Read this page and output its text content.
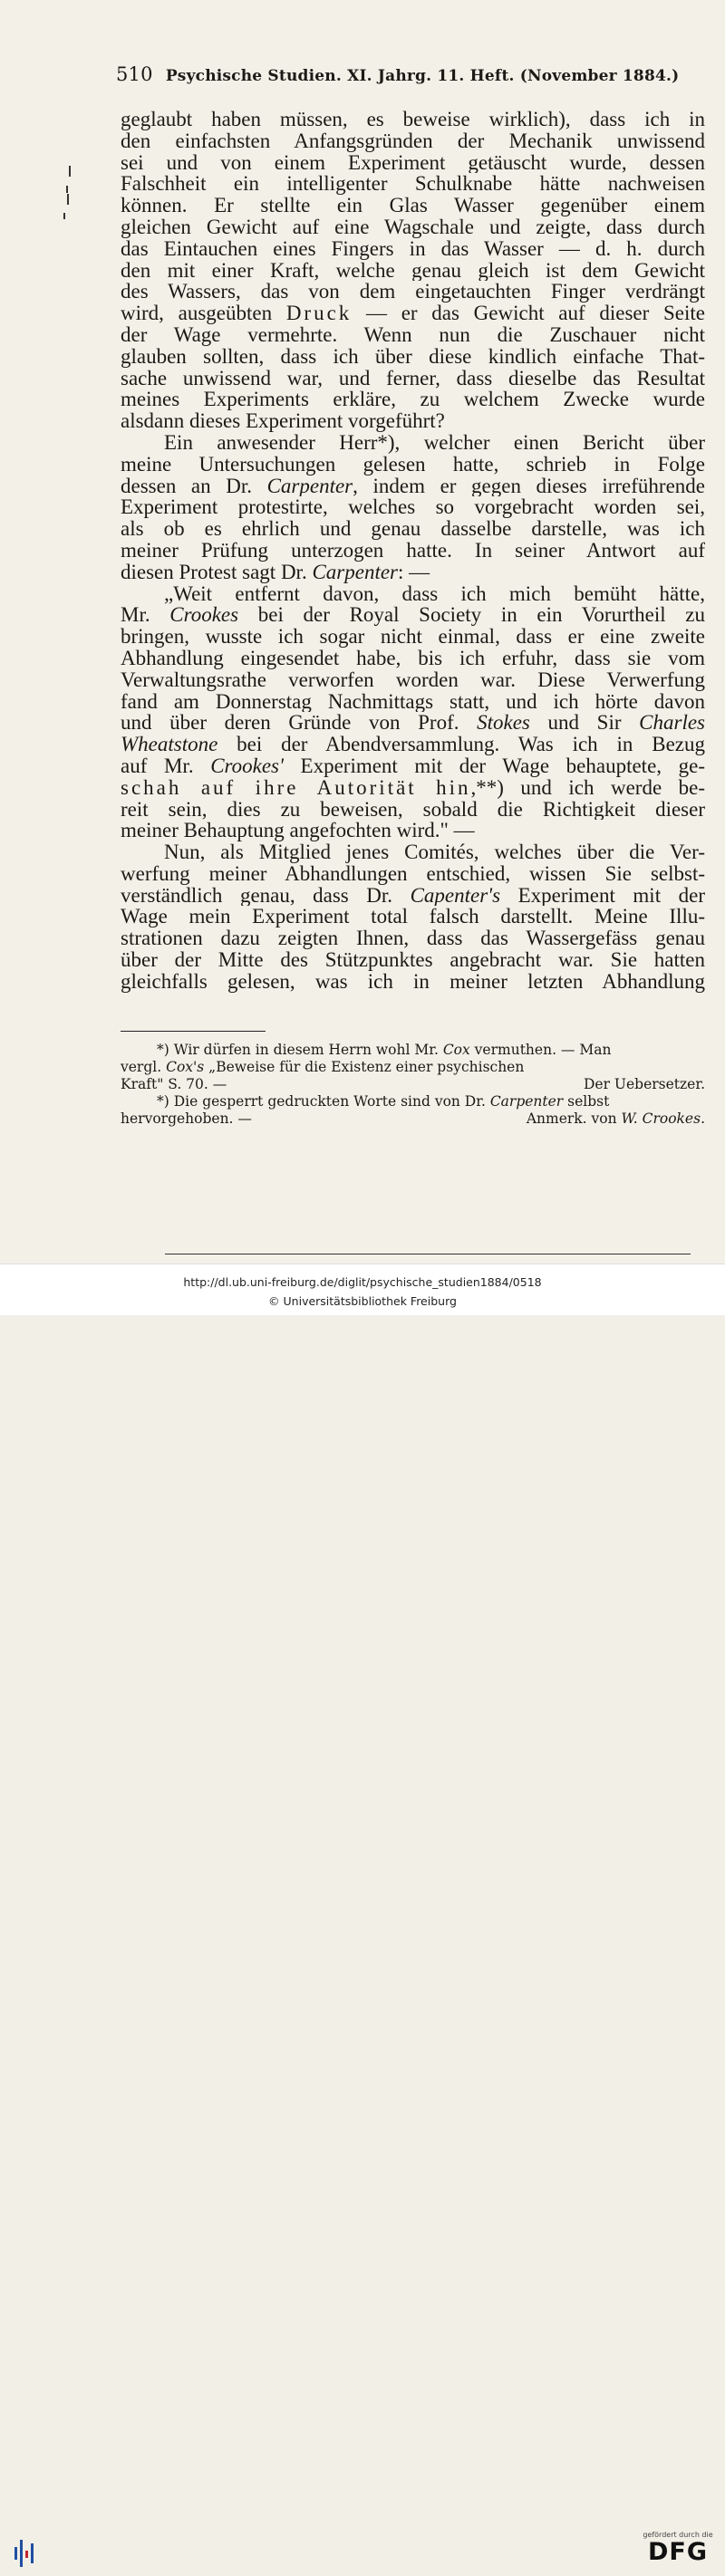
510 Psychische Studien. XI. Jahrg. 11. Heft. (November 1884.)
geglaubt haben müssen, es beweise wirklich), dass ich in
den einfachsten Anfangsgründen der Mechanik unwissend
sei und von einem Experiment getäuscht wurde, dessen
Falschheit ein intelligenter Schulknabe hätte nachweisen
können. Er stellte ein Glas Wasser gegenüber einem
gleichen Gewicht auf eine Wagschale und zeigte, dass durch
das Eintauchen eines Fingers in das Wasser — d. h. durch
den mit einer Kraft, welche genau gleich ist dem Gewicht
des Wassers, das von dem eingetauchten Finger verdrängt
wird, ausgeübten Druck — er das Gewicht auf dieser Seite
der Wage vermehrte. Wenn nun die Zuschauer nicht
glauben sollten, dass ich über diese kindlich einfache That-
sache unwissend war, und ferner, dass dieselbe das Resultat
meines Experiments erkläre, zu welchem Zwecke wurde
alsdann dieses Experiment vorgeführt?
Ein anwesender Herr*), welcher einen Bericht über
meine Untersuchungen gelesen hatte, schrieb in Folge
dessen an Dr. Carpenter, indem er gegen dieses irreführende
Experiment protestirte, welches so vorgebracht worden sei,
als ob es ehrlich und genau dasselbe darstelle, was ich
meiner Prüfung unterzogen hatte. In seiner Antwort auf
diesen Protest sagt Dr. Carpenter: —
„Weit entfernt davon, dass ich mich bemüht hätte,
Mr. Crookes bei der Royal Society in ein Vorurtheil zu
bringen, wusste ich sogar nicht einmal, dass er eine zweite
Abhandlung eingesendet habe, bis ich erfuhr, dass sie vom
Verwaltungsrathe verworfen worden war. Diese Verwerfung
fand am Donnerstag Nachmittags statt, und ich hörte davon
und über deren Gründe von Prof. Stokes und Sir Charles
Wheatstone bei der Abendversammlung. Was ich in Bezug
auf Mr. Crookes' Experiment mit der Wage behauptete, ge-
schah auf ihre Autorität hin,**) und ich werde be-
reit sein, dies zu beweisen, sobald die Richtigkeit dieser
meiner Behauptung angefochten wird." —
Nun, als Mitglied jenes Comités, welches über die Ver-
werfung meiner Abhandlungen entschied, wissen Sie selbst-
verständlich genau, dass Dr. Capenter's Experiment mit der
Wage mein Experiment total falsch darstellt. Meine Illu-
strationen dazu zeigten Ihnen, dass das Wassergefäss genau
über der Mitte des Stützpunktes angebracht war. Sie hatten
gleichfalls gelesen, was ich in meiner letzten Abhandlung
*) Wir dürfen in diesem Herrn wohl Mr. Cox vermuthen. — Man
vergl. Cox's „Beweise für die Existenz einer psychischen
Kraft" S. 70. —	Der Uebersetzer.
*) Die gesperrt gedruckten Worte sind von Dr. Carpenter selbst
hervorgehoben. —	Anmerk. von W. Crookes.
http://dl.ub.uni-freiburg.de/diglit/psychische_studien1884/0518
© Universitätsbibliothek Freiburg
gefördert durch die
DFG
